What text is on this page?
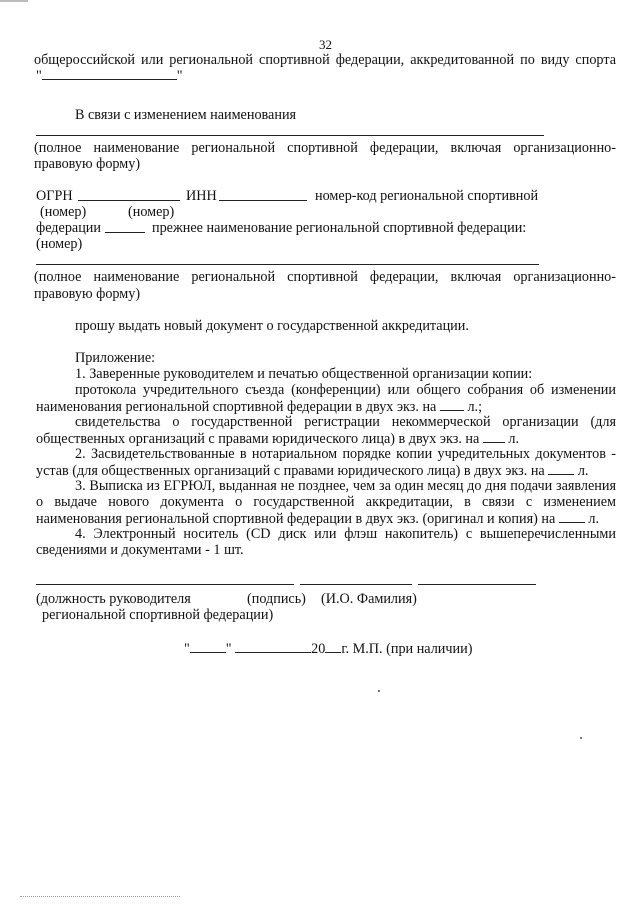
32
общероссийской или региональной спортивной федерации, аккредитованной по виду спорта
"	"
В связи с изменением наименования
(полное наименование региональной спортивной федерации, включая организационно-
правовую форму)
ОГРН	ИНН	номер-код региональной спортивной
(номер)	(номер)
федерации	прежнее наименование региональной спортивной федерации:
(номер)
(полное наименование региональной спортивной федерации, включая организационно-
правовую форму)
прошу выдать новый документ о государственной аккредитации.
Приложение:
1. Заверенные руководителем и печатью общественной организации копии:
протокола учредительного съезда (конференции) или общего собрания об изменении
наименования региональной спортивной федерации в двух экз. на л.;
свидетельства о государственной регистрации некоммерческой организации (для
общественных организаций с правами юридического лица) в двух экз. на л.
2. Засвидетельствованные в нотариальном порядке копии учредительных документов -
устав (для общественных организаций с правами юридического лица) в двух экз. на л.
3. Выписка из ЕГРЮЛ, выданная не позднее, чем за один месяц до дня подачи заявления
о выдаче нового документа о государственной аккредитации, в связи с изменением
наименования региональной спортивной федерации в двух экз. (оригинал и копия) на л.
4. Электронный носитель (CD диск или флэш накопитель) с вышеперечисленными
сведениями и документами - 1 шт.
(должность руководителя	(подпись) (И.О. Фамилия)
региональной спортивной федерации)
"	"	20 г. М.П. (при наличии)
